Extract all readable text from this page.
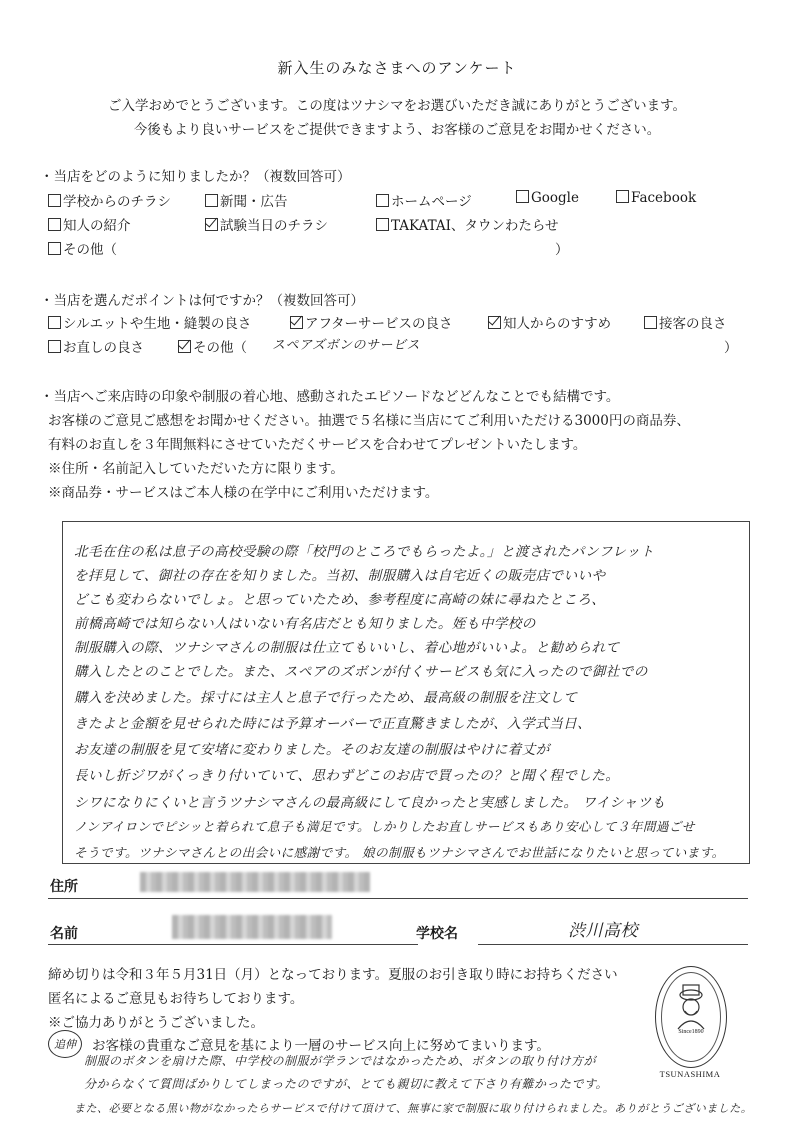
新入生のみなさまへのアンケート
ご入学おめでとうございます。この度はツナシマをお選びいただき誠にありがとうございます。
今後もより良いサービスをご提供できますよう、お客様のご意見をお聞かせください。
・当店をどのように知りましたか？（複数回答可）
学校からのチラシ	新聞・広告	ホームページ	Google	Facebook
知人の紹介	試験当日のチラシ	TAKATAI、タウンわたらせ
その他（	）
・当店を選んだポイントは何ですか？（複数回答可）
シルエットや生地・縫製の良さ	アフターサービスの良さ	知人からのすすめ	接客の良さ
お直しの良さ	その他（ スペアズボンのサービス	）
・当店へご来店時の印象や制服の着心地、感動されたエピソードなどどんなことでも結構です。
お客様のご意見ご感想をお聞かせください。抽選で５名様に当店にてご利用いただける3000円の商品券、
有料のお直しを３年間無料にさせていただくサービスを合わせてプレゼントいたします。
※住所・名前記入していただいた方に限ります。
※商品券・サービスはご本人様の在学中にご利用いただけます。
北毛在住の私は息子の高校受験の際「校門のところでもらったよ。」と渡されたパンフレット
を拝見して、御社の存在を知りました。当初、制服購入は自宅近くの販売店でいいや
どこも変わらないでしょ。と思っていたため、参考程度に高崎の妹に尋ねたところ、
前橋高崎では知らない人はいない有名店だとも知りました。姪も中学校の
制服購入の際、ツナシマさんの制服は仕立てもいいし、着心地がいいよ。と勧められて
購入したとのことでした。また、スペアのズボンが付くサービスも気に入ったので御社での
購入を決めました。採寸には主人と息子で行ったため、最高級の制服を注文して
きたよと金額を見せられた時には予算オーバーで正直驚きましたが、入学式当日、
お友達の制服を見て安堵に変わりました。そのお友達の制服はやけに着丈が
長いし折ジワがくっきり付いていて、思わずどこのお店で買ったの？と聞く程でした。
シワになりにくいと言うツナシマさんの最高級にして良かったと実感しました。 ワイシャツも
ノンアイロンでピシッと着られて息子も満足です。しかりしたお直しサービスもあり安心して３年間過ごせ
そうです。ツナシマさんとの出会いに感謝です。 娘の制服もツナシマさんでお世話になりたいと思っています。
住所
名前	学校名	渋川高校
締め切りは令和３年５月31日（月）となっております。夏服のお引き取り時にお持ちください
匿名によるご意見もお待ちしております。
※ご協力ありがとうございました。
お客様の貴重なご意見を基により一層のサービス向上に努めてまいります。
追伸
制服のボタンを扇けた際、中学校の制服が学ランではなかったため、ボタンの取り付け方が
分からなくて質問ばかりしてしまったのですが、とても親切に教えて下さり有難かったです。
また、必要となる黒い物がなかったらサービスで付けて頂けて、無事に家で制服に取り付けられました。ありがとうございました。
Since1890
TSUNASHIMA
